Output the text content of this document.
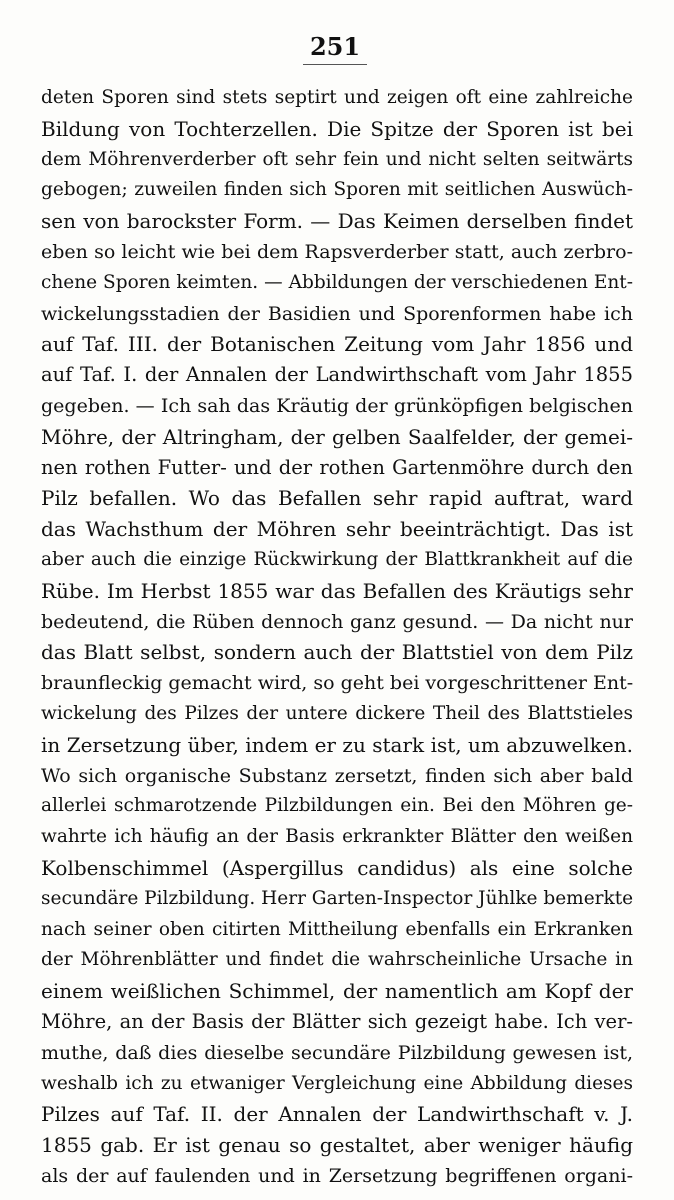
251
deten Sporen sind stets septirt und zeigen oft eine zahlreiche
Bildung von Tochterzellen. Die Spitze der Sporen ist bei
dem Möhrenverderber oft sehr fein und nicht selten seitwärts
gebogen; zuweilen finden sich Sporen mit seitlichen Auswüch-
sen von barockster Form. — Das Keimen derselben findet
eben so leicht wie bei dem Rapsverderber statt, auch zerbro-
chene Sporen keimten. — Abbildungen der verschiedenen Ent-
wickelungsstadien der Basidien und Sporenformen habe ich
auf Taf. III. der Botanischen Zeitung vom Jahr 1856 und
auf Taf. I. der Annalen der Landwirthschaft vom Jahr 1855
gegeben. — Ich sah das Kräutig der grünköpfigen belgischen
Möhre, der Altringham, der gelben Saalfelder, der gemei-
nen rothen Futter- und der rothen Gartenmöhre durch den
Pilz befallen. Wo das Befallen sehr rapid auftrat, ward
das Wachsthum der Möhren sehr beeinträchtigt. Das ist
aber auch die einzige Rückwirkung der Blattkrankheit auf die
Rübe. Im Herbst 1855 war das Befallen des Kräutigs sehr
bedeutend, die Rüben dennoch ganz gesund. — Da nicht nur
das Blatt selbst, sondern auch der Blattstiel von dem Pilz
braunfleckig gemacht wird, so geht bei vorgeschrittener Ent-
wickelung des Pilzes der untere dickere Theil des Blattstieles
in Zersetzung über, indem er zu stark ist, um abzuwelken.
Wo sich organische Substanz zersetzt, finden sich aber bald
allerlei schmarotzende Pilzbildungen ein. Bei den Möhren ge-
wahrte ich häufig an der Basis erkrankter Blätter den weißen
Kolbenschimmel (Aspergillus candidus) als eine solche
secundäre Pilzbildung. Herr Garten-Inspector Jühlke bemerkte
nach seiner oben citirten Mittheilung ebenfalls ein Erkranken
der Möhrenblätter und findet die wahrscheinliche Ursache in
einem weißlichen Schimmel, der namentlich am Kopf der
Möhre, an der Basis der Blätter sich gezeigt habe. Ich ver-
muthe, daß dies dieselbe secundäre Pilzbildung gewesen ist,
weshalb ich zu etwaniger Vergleichung eine Abbildung dieses
Pilzes auf Taf. II. der Annalen der Landwirthschaft v. J.
1855 gab. Er ist genau so gestaltet, aber weniger häufig
als der auf faulenden und in Zersetzung begriffenen organi-
